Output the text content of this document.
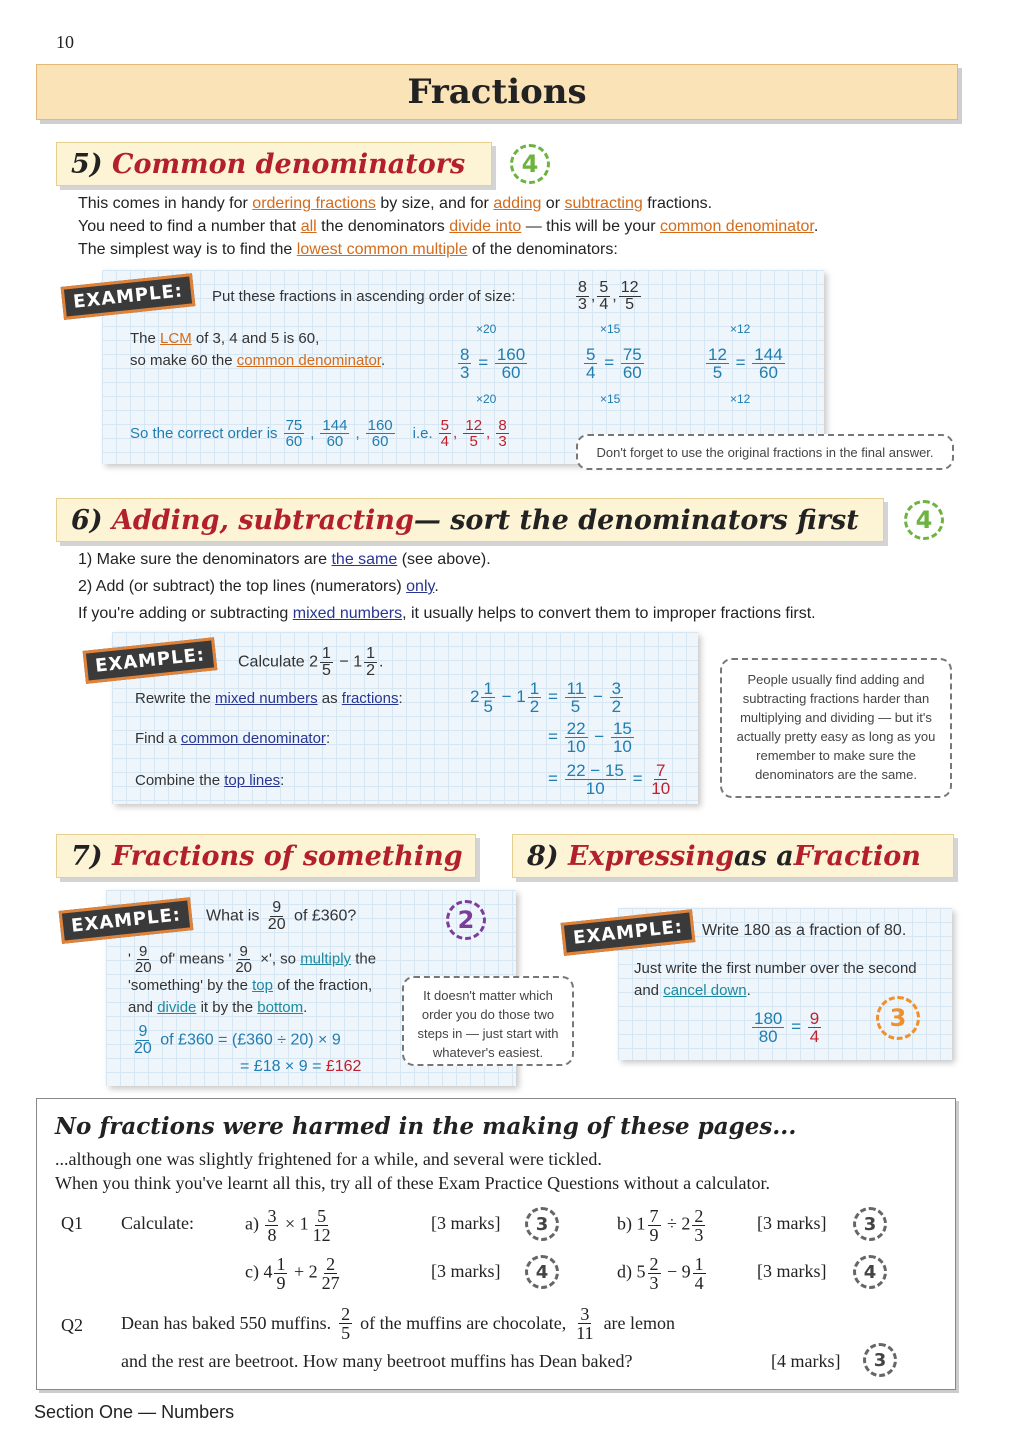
10
Fractions
5)
Common denominators	4
This comes in handy for ordering fractions by size, and for adding or subtracting fractions.
You need to find a number that all the denominators divide into — this will be your common denominator.
The simplest way is to find the lowest common multiple of the denominators:
EXAMPLE:	Put these fractions in ascending order of size:	$\frac{8}{3}$ , $\frac{5}{4}$ , $\frac{12}{5}$
The LCM of 3, 4 and 5 is 60,
so make 60 the common denominator.
×20
×20
$\frac{8}{3} = \frac{160}{60}$
×15
×15
$\frac{5}{4} = \frac{75}{60}$
×12
×12
$\frac{12}{5} = \frac{144}{60}$
So the correct order is $\frac{75}{60}$ , $\frac{144}{60}$ , $\frac{160}{60} i.e$. $\frac{5}{4}$ , $\frac{12}{5}$ , $\frac{8}{3}$
Don't forget to use the original fractions in the final answer.
6)
Adding, subtracting — sort the denominators first	4
1) Make sure the denominators are the same (see above).
2) Add (or subtract) the top lines (numerators) only.
If you're adding or subtracting mixed numbers, it usually helps to convert them to improper fractions first.
EXAMPLE:	Calculate $2 \frac{1}{5} - 1 \frac{1}{2}$ .
Rewrite the mixed numbers as fractions:	$2 \frac{1}{5} - 1 \frac{1}{2} = \frac{11}{5} - \frac{3}{2}$
Find a common denominator:	= $\frac{22}{10} - \frac{15}{10}$
Combine the top lines:	= $\frac{22 - 15}{10} = \frac{7}{10}$
People usually find adding and subtracting fractions harder than multiplying and dividing — but it's actually pretty easy as long as you remember to make sure the denominators are the same.
7)
Fractions of something
EXAMPLE:	What is $\frac{9}{20}$ of £360?	2
' $\frac{9}{20} of'$ means ' $\frac{9}{20}$ ×', so multiply the
'something' by the top of the fraction,
and divide it by the bottom.
$\frac{9}{20}$ of £360 = (£360 ÷ 20) × 9
= £18 × 9 = £162
It doesn't matter which order you do those two steps in — just start with whatever's easiest.
8)
Expressing as a Fraction
EXAMPLE:	Write 180 as a fraction of 80.
Just write the first number over the second
and cancel down.
$\frac{180}{80} = \frac{9}{4}$	3
No fractions were harmed in the making of these pages...
...although one was slightly frightened for a while, and several were tickled.
When you think you've learnt all this, try all of these Exam Practice Questions without a calculator.
Q1 Calculate:	$a) \frac{3}{8} \times 1 \frac{5}{12}$	[3 marks]	3	b) $1 \frac{7}{9} \div 2 \frac{2}{3}$	[3 marks]	3
c) $4 \frac{1}{9} + 2 \frac{2}{27}$	[3 marks]	4	d) $5 \frac{2}{3} - 9 \frac{1}{4}$	[3 marks]	4
Q2 Dean has baked 550 muffins. $\frac{2}{5}$ of the muffins are chocolate, $\frac{3}{11}$ are lemon
and the rest are beetroot. How many beetroot muffins has Dean baked?	[4 marks]	3
Section One — Numbers
